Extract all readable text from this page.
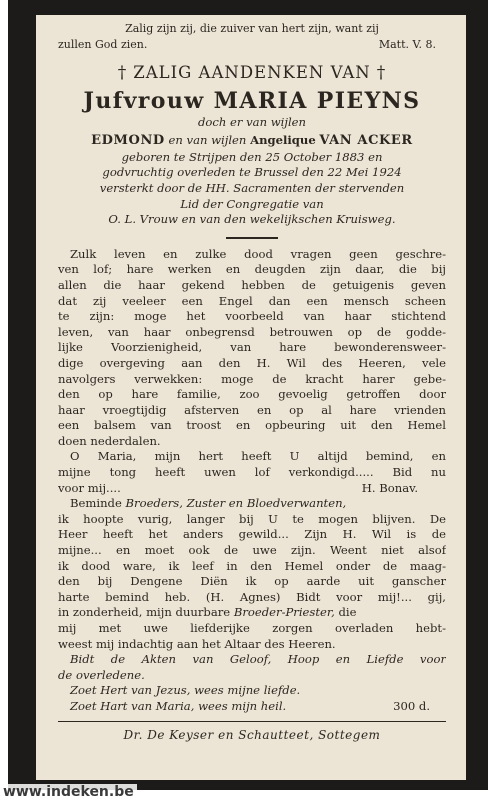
Zalig zijn zij, die zuiver van hert zijn, want zij
zullen God zien.	Matt. V. 8.
† ZALIG AANDENKEN VAN †
Jufvrouw MARIA PIEYNS
doch er van wijlen
EDMOND en van wijlen Angelique VAN ACKER
geboren te Strijpen den 25 October 1883 en
godvruchtig overleden te Brussel den 22 Mei 1924
versterkt door de HH. Sacramenten der stervenden
Lid der Congregatie van
O. L. Vrouw en van den wekelijkschen Kruisweg.
Zulk leven en zulke dood vragen geen geschre-
ven lof; hare werken en deugden zijn daar, die bij
allen die haar gekend hebben de getuigenis geven
dat zij veeleer een Engel dan een mensch scheen
te zijn: moge het voorbeeld van haar stichtend
leven, van haar onbegrensd betrouwen op de godde-
lijke Voorzienigheid, van hare bewonderensweer-
dige overgeving aan den H. Wil des Heeren, vele
navolgers verwekken: moge de kracht harer gebe-
den op hare familie, zoo gevoelig getroffen door
haar vroegtijdig afsterven en op al hare vrienden
een balsem van troost en opbeuring uit den Hemel
doen nederdalen.
O Maria, mijn hert heeft U altijd bemind, en
mijne tong heeft uwen lof verkondigd..... Bid nu
voor mij....	H. Bonav.
Beminde Broeders, Zuster en Bloedverwanten,
ik hoopte vurig, langer bij U te mogen blijven. De
Heer heeft het anders gewild... Zijn H. Wil is de
mijne... en moet ook de uwe zijn. Weent niet alsof
ik dood ware, ik leef in den Hemel onder de maag-
den bij Dengene Diën ik op aarde uit ganscher
harte bemind heb. (H. Agnes) Bidt voor mij!... gij,
in zonderheid, mijn duurbare Broeder-Priester, die
mij met uwe liefderijke zorgen overladen hebt-
weest mij indachtig aan het Altaar des Heeren.
Bidt de Akten van Geloof, Hoop en Liefde voor
de overledene.
Zoet Hert van Jezus, wees mijne liefde.
Zoet Hart van Maria, wees mijn heil.	300 d.
Dr. De Keyser en Schautteet, Sottegem
www.indeken.be
